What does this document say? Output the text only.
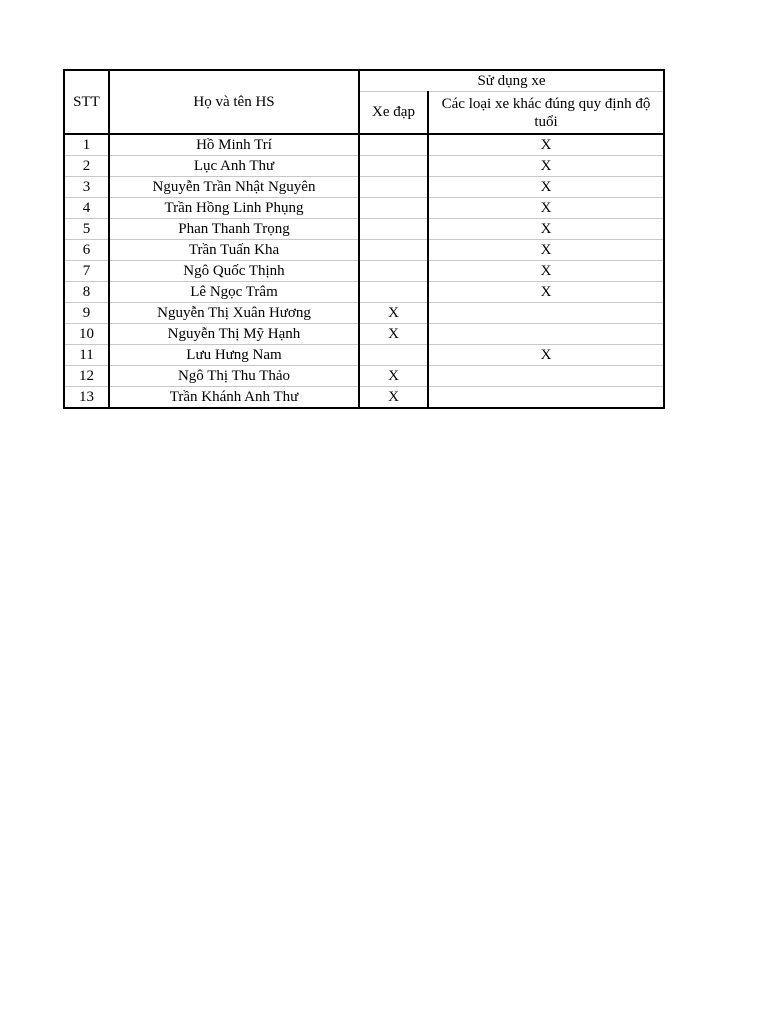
STT	Họ và tên HS	Sử dụng xe	
		Xe đạp	Các loại xe khác đúng quy định độ tuổi
1	Hồ Minh Trí		X
2	Lục Anh Thư		X
3	Nguyễn Trần Nhật Nguyên		X
4	Trần Hồng Linh Phụng		X
5	Phan Thanh Trọng		X
6	Trần Tuấn Kha		X
7	Ngô Quốc Thịnh		X
8	Lê Ngọc Trâm		X
9	Nguyễn Thị Xuân Hương	X	
10	Nguyễn Thị Mỹ Hạnh	X	
11	Lưu Hưng Nam		X
12	Ngô Thị Thu Thảo	X	
13	Trần Khánh Anh Thư	X	
